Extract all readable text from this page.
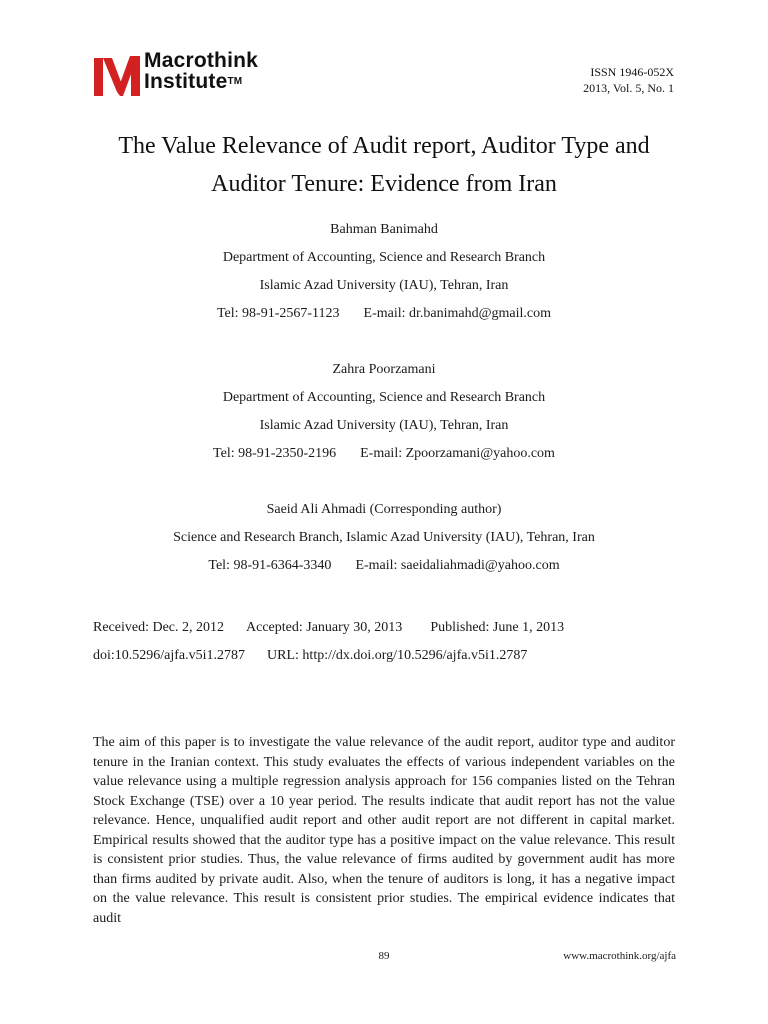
Macrothink
Institute™
ISSN 1946-052X
2013, Vol. 5, No. 1
The Value Relevance of Audit report, Auditor Type and
Auditor Tenure: Evidence from Iran
Bahman Banimahd
Department of Accounting, Science and Research Branch
Islamic Azad University (IAU), Tehran, Iran
Tel: 98-91-2567-1123 E-mail: dr.banimahd@gmail.com
Zahra Poorzamani
Department of Accounting, Science and Research Branch
Islamic Azad University (IAU), Tehran, Iran
Tel: 98-91-2350-2196 E-mail: Zpoorzamani@yahoo.com
Saeid Ali Ahmadi (Corresponding author)
Science and Research Branch, Islamic Azad University (IAU), Tehran, Iran
Tel: 98-91-6364-3340 E-mail: saeidaliahmadi@yahoo.com
Received: Dec. 2, 2012 Accepted: January 30, 2013 Published: June 1, 2013
doi:10.5296/ajfa.v5i1.2787 URL: http://dx.doi.org/10.5296/ajfa.v5i1.2787
The aim of this paper is to investigate the value relevance of the audit report, auditor type and auditor tenure in the Iranian context. This study evaluates the effects of various independent variables on the value relevance using a multiple regression analysis approach for 156 companies listed on the Tehran Stock Exchange (TSE) over a 10 year period. The results indicate that audit report has not the value relevance. Hence, unqualified audit report and other audit report are not different in capital market. Empirical results showed that the auditor type has a positive impact on the value relevance. This result is consistent prior studies. Thus, the value relevance of firms audited by government audit has more than firms audited by private audit. Also, when the tenure of auditors is long, it has a negative impact on the value relevance. This result is consistent prior studies. The empirical evidence indicates that audit
89	www.macrothink.org/ajfa
